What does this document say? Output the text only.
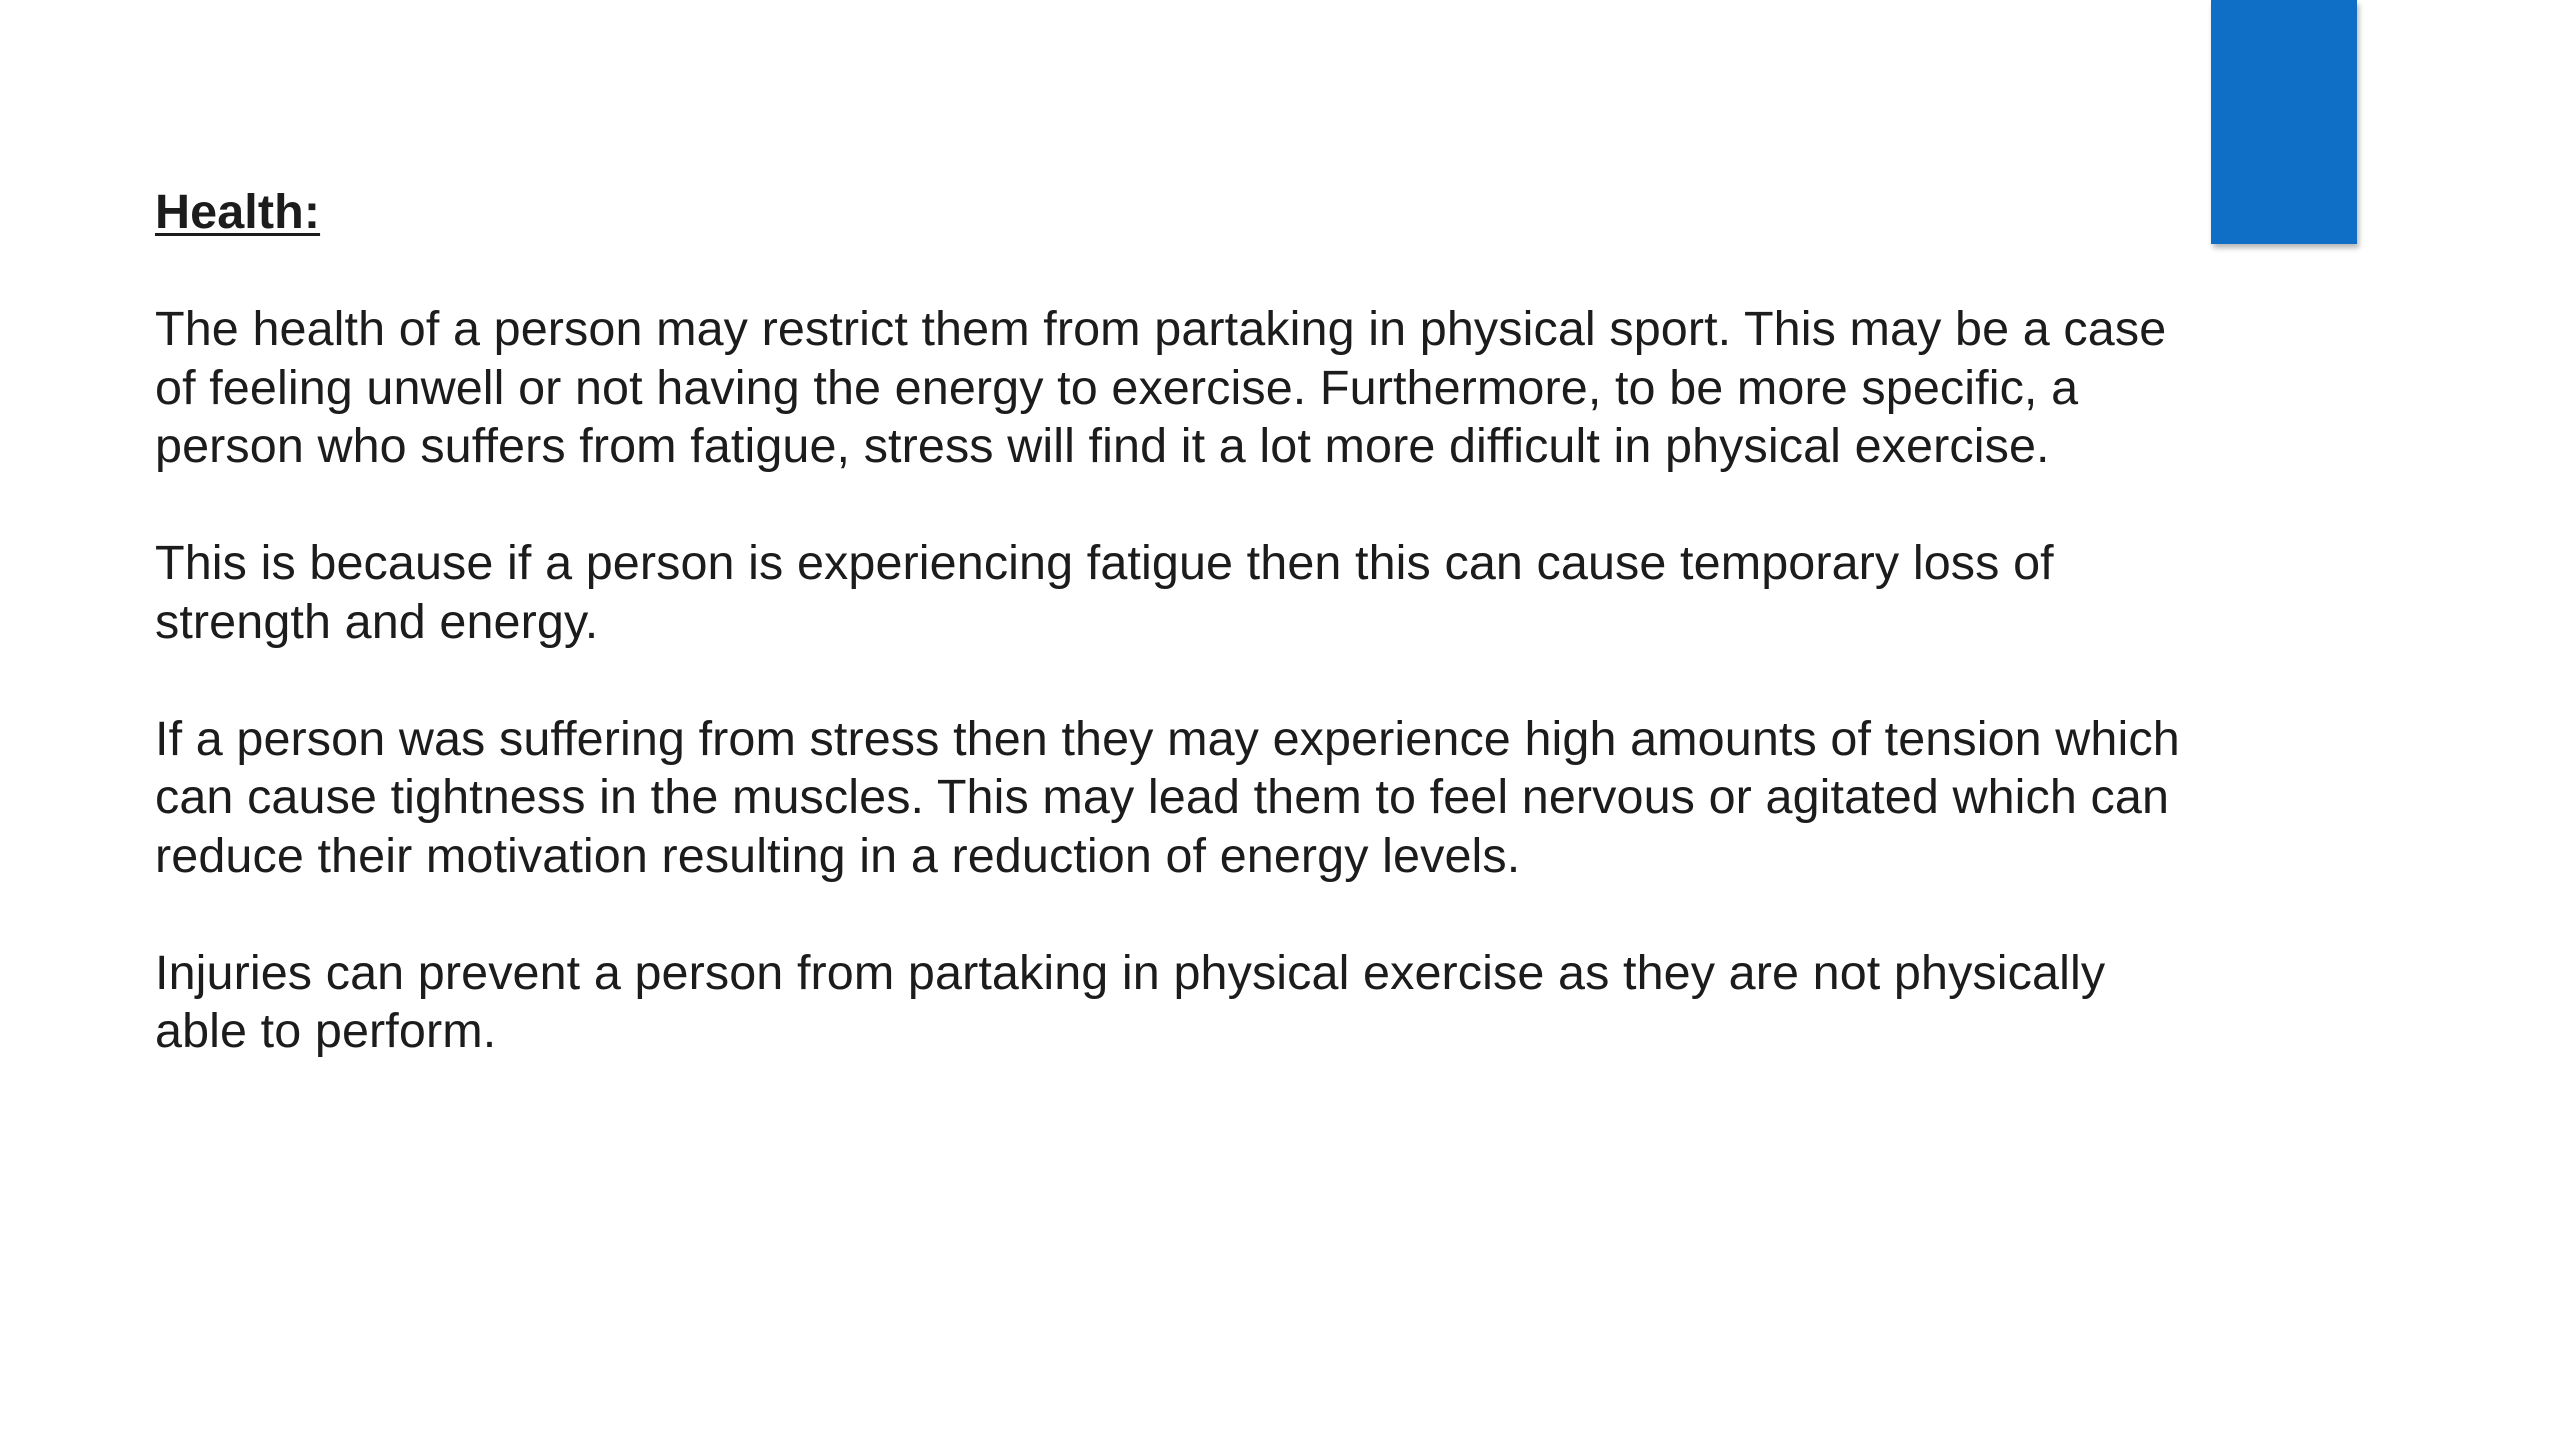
Health:

The health of a person may restrict them from partaking in physical sport. This may be a case of feeling unwell or not having the energy to exercise. Furthermore, to be more specific, a person who suffers from fatigue, stress will find it a lot more difficult in physical exercise.

This is because if a person is experiencing fatigue then this can cause temporary loss of strength and energy.

If a person was suffering from stress then they may experience high amounts of tension which can cause tightness in the muscles. This may lead them to feel nervous or agitated which can reduce their motivation resulting in a reduction of energy levels.

Injuries can prevent a person from partaking in physical exercise as they are not physically able to perform.
